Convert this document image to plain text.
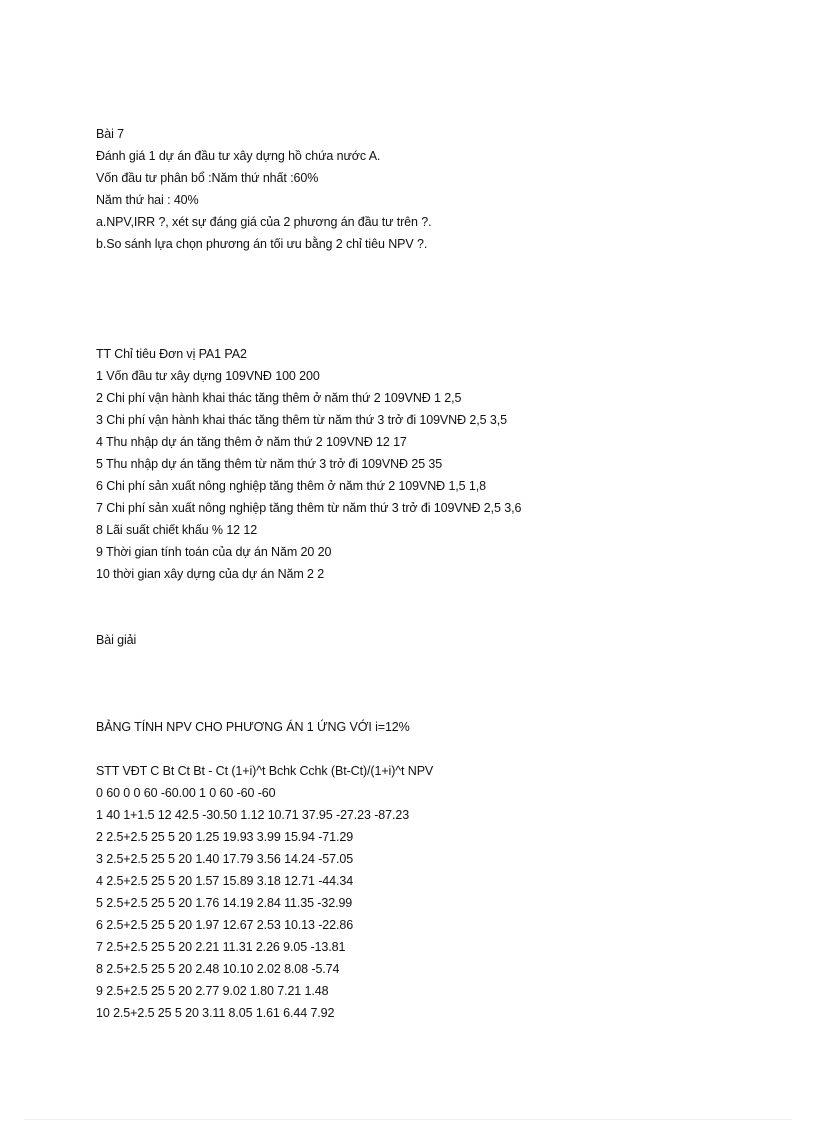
Bài 7
Đánh giá 1 dự án đầu tư xây dựng hồ chứa nước A.
Vốn đầu tư phân bổ :Năm thứ nhất :60%
Năm thứ hai : 40%
a.NPV,IRR ?, xét sự đáng giá của 2 phương án đầu tư trên ?.
b.So sánh lựa chọn phương án tối ưu bằng 2 chỉ tiêu NPV ?.
TT Chỉ tiêu Đơn vị PA1 PA2
1 Vốn đầu tư xây dựng 109VNĐ 100 200
2 Chi phí vận hành khai thác tăng thêm ở năm thứ 2 109VNĐ 1 2,5
3 Chi phí vận hành khai thác tăng thêm từ năm thứ 3 trở đi 109VNĐ 2,5 3,5
4 Thu nhập dự án tăng thêm ở năm thứ 2 109VNĐ 12 17
5 Thu nhập dự án tăng thêm từ năm thứ 3 trở đi 109VNĐ 25 35
6 Chi phí sản xuất nông nghiệp tăng thêm ở năm thứ 2 109VNĐ 1,5 1,8
7 Chi phí sản xuất nông nghiệp tăng thêm từ năm thứ 3 trở đi 109VNĐ 2,5 3,6
8 Lãi suất chiết khấu % 12 12
9 Thời gian tính toán của dự án Năm 20 20
10 thời gian xây dựng của dự án Năm 2 2
Bài giải
BẢNG TÍNH NPV CHO PHƯƠNG ÁN 1 ỨNG VỚI i=12%
STT VĐT C Bt Ct Bt - Ct (1+i)^t Bchk Cchk (Bt-Ct)/(1+i)^t NPV
0 60 0 0 60 -60.00 1 0 60 -60 -60
1 40 1+1.5 12 42.5 -30.50 1.12 10.71 37.95 -27.23 -87.23
2 2.5+2.5 25 5 20 1.25 19.93 3.99 15.94 -71.29
3 2.5+2.5 25 5 20 1.40 17.79 3.56 14.24 -57.05
4 2.5+2.5 25 5 20 1.57 15.89 3.18 12.71 -44.34
5 2.5+2.5 25 5 20 1.76 14.19 2.84 11.35 -32.99
6 2.5+2.5 25 5 20 1.97 12.67 2.53 10.13 -22.86
7 2.5+2.5 25 5 20 2.21 11.31 2.26 9.05 -13.81
8 2.5+2.5 25 5 20 2.48 10.10 2.02 8.08 -5.74
9 2.5+2.5 25 5 20 2.77 9.02 1.80 7.21 1.48
10 2.5+2.5 25 5 20 3.11 8.05 1.61 6.44 7.92
